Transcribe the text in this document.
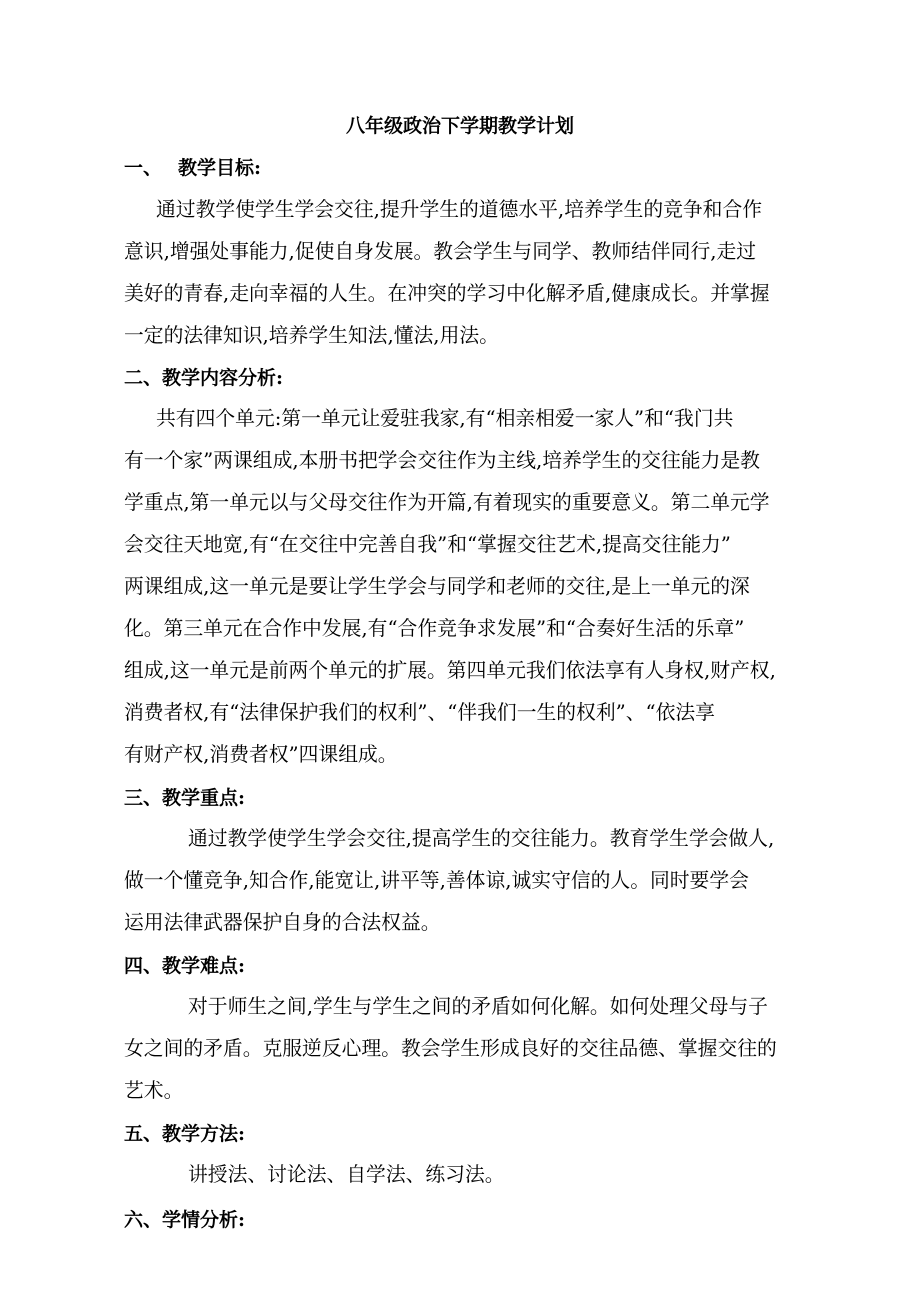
八年级政治下学期教学计划
一、 教学目标:
通过教学使学生学会交往,提升学生的道德水平,培养学生的竞争和合作
意识,增强处事能力,促使自身发展。教会学生与同学、教师结伴同行,走过
美好的青春,走向幸福的人生。在冲突的学习中化解矛盾,健康成长。并掌握
一定的法律知识,培养学生知法,懂法,用法。
二、教学内容分析:
共有四个单元:第一单元让爱驻我家,有“相亲相爱一家人”和“我门共
有一个家”两课组成,本册书把学会交往作为主线,培养学生的交往能力是教
学重点,第一单元以与父母交往作为开篇,有着现实的重要意义。第二单元学
会交往天地宽,有“在交往中完善自我”和“掌握交往艺术,提高交往能力”
两课组成,这一单元是要让学生学会与同学和老师的交往,是上一单元的深
化。第三单元在合作中发展,有“合作竞争求发展”和“合奏好生活的乐章”
组成,这一单元是前两个单元的扩展。第四单元我们依法享有人身权,财产权,
消费者权,有“法律保护我们的权利”、“伴我们一生的权利”、“依法享
有财产权,消费者权”四课组成。
三、教学重点:
通过教学使学生学会交往,提高学生的交往能力。教育学生学会做人,
做一个懂竞争,知合作,能宽让,讲平等,善体谅,诚实守信的人。同时要学会
运用法律武器保护自身的合法权益。
四、教学难点:
对于师生之间,学生与学生之间的矛盾如何化解。如何处理父母与子
女之间的矛盾。克服逆反心理。教会学生形成良好的交往品德、掌握交往的
艺术。
五、教学方法:
讲授法、讨论法、自学法、练习法。
六、学情分析:
